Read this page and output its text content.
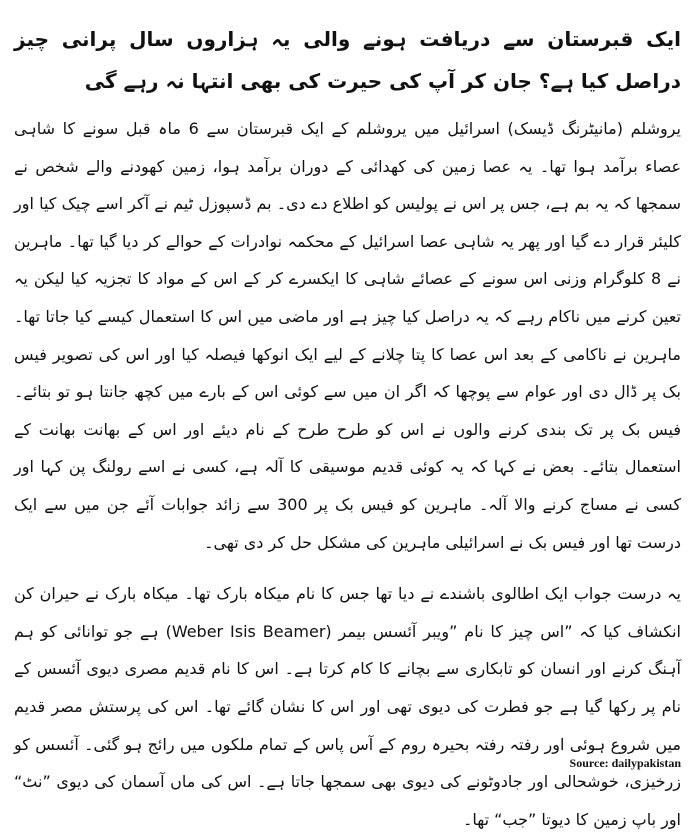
ایک قبرستان سے دریافت ہونے والی یہ ہزاروں سال پرانی چیز دراصل کیا ہے؟ جان کر آپ کی حیرت کی بھی انتہا نہ رہے گی

یروشلم (مانیٹرنگ ڈیسک) اسرائیل میں یروشلم کے ایک قبرستان سے 6 ماہ قبل سونے کا شاہی عصاء برآمد ہوا تھا۔ یہ عصا زمین کی کھدائی کے دوران برآمد ہوا، زمین کھودنے والے شخص نے سمجھا کہ یہ بم ہے، جس پر اس نے پولیس کو اطلاع دے دی۔ بم ڈسپوزل ٹیم نے آکر اسے چیک کیا اور کلیئر قرار دے گیا اور پھر یہ شاہی عصا اسرائیل کے محکمہ نوادرات کے حوالے کر دیا گیا تھا۔ ماہرین نے 8 کلوگرام وزنی اس سونے کے عصائے شاہی کا ایکسرے کر کے اس کے مواد کا تجزیہ کیا لیکن یہ تعین کرنے میں ناکام رہے کہ یہ دراصل کیا چیز ہے اور ماضی میں اس کا استعمال کیسے کیا جاتا تھا۔ ماہرین نے ناکامی کے بعد اس عصا کا پتا چلانے کے لیے ایک انوکھا فیصلہ کیا اور اس کی تصویر فیس بک پر ڈال دی اور عوام سے پوچھا کہ اگر ان میں سے کوئی اس کے بارے میں کچھ جانتا ہو تو بتائے۔ فیس بک پر تک بندی کرنے والوں نے اس کو طرح طرح کے نام دیئے اور اس کے بھانت بھانت کے استعمال بتائے۔ بعض نے کہا کہ یہ کوئی قدیم موسیقی کا آلہ ہے، کسی نے اسے رولنگ پن کہا اور کسی نے مساج کرنے والا آلہ۔ ماہرین کو فیس بک پر 300 سے زائد جوابات آئے جن میں سے ایک درست تھا اور فیس بک نے اسرائیلی ماہرین کی مشکل حل کر دی تھی۔

یہ درست جواب ایک اطالوی باشندے نے دیا تھا جس کا نام میکاہ بارک تھا۔ میکاہ بارک نے حیران کن انکشاف کیا کہ ”اس چیز کا نام ”ویبر آئسس بیمر (Weber Isis Beamer) ہے جو توانائی کو ہم آہنگ کرنے اور انسان کو تابکاری سے بچانے کا کام کرتا ہے۔ اس کا نام قدیم مصری دیوی آئسس کے نام پر رکھا گیا ہے جو فطرت کی دیوی تھی اور اس کا نشان گائے تھا۔ اس کی پرستش مصر قدیم میں شروع ہوئی اور رفتہ رفتہ بحیرہ روم کے آس پاس کے تمام ملکوں میں رائج ہو گئی۔ آئسس کو زرخیزی، خوشحالی اور جادوٹونے کی دیوی بھی سمجھا جاتا ہے۔ اس کی ماں آسمان کی دیوی ”نٹ“ اور باپ زمین کا دیوتا ”جب“ تھا۔

Source: dailypakistan
